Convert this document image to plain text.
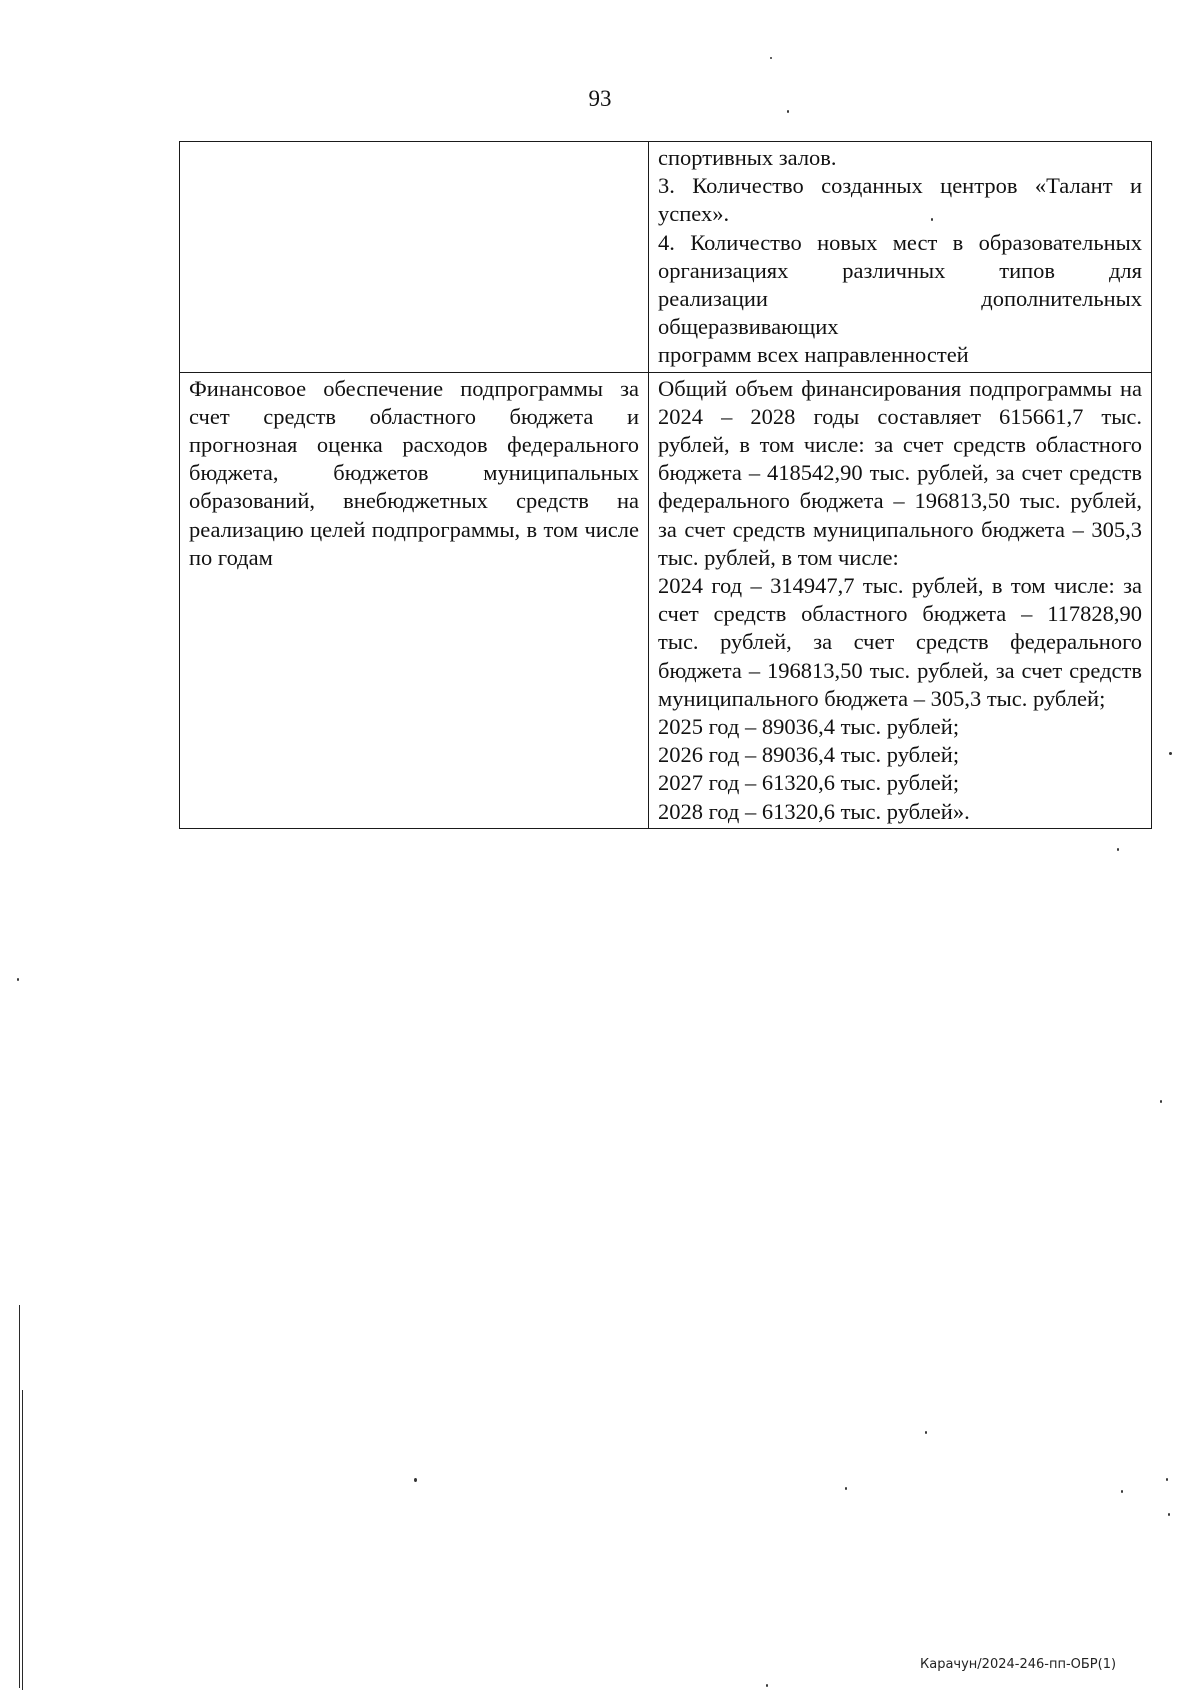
93
спортивных залов.
3. Количество созданных центров «Талант и
успех».
4. Количество новых мест в образовательных
организациях различных типов для
реализации дополнительных
общеразвивающих
программ всех направленностей
Финансовое обеспечение подпрограммы за счет средств областного бюджета и прогнозная оценка расходов федерального бюджета, бюджетов муниципальных образований, внебюджетных средств на реализацию целей подпрограммы, в том числе по годам
Общий объем финансирования подпрограммы на 2024 – 2028 годы составляет 615661,7 тыс. рублей, в том числе: за счет средств областного бюджета – 418542,90 тыс. рублей, за счет средств федерального бюджета – 196813,50 тыс. рублей, за счет средств муниципального бюджета – 305,3 тыс. рублей, в том числе:
2024 год – 314947,7 тыс. рублей, в том числе: за счет средств областного бюджета – 117828,90 тыс. рублей, за счет средств федерального бюджета – 196813,50 тыс. рублей, за счет средств муниципального бюджета – 305,3 тыс. рублей;
2025 год – 89036,4 тыс. рублей;
2026 год – 89036,4 тыс. рублей;
2027 год – 61320,6 тыс. рублей;
2028 год – 61320,6 тыс. рублей».
Карачун/2024-246-пп-ОБР(1)
